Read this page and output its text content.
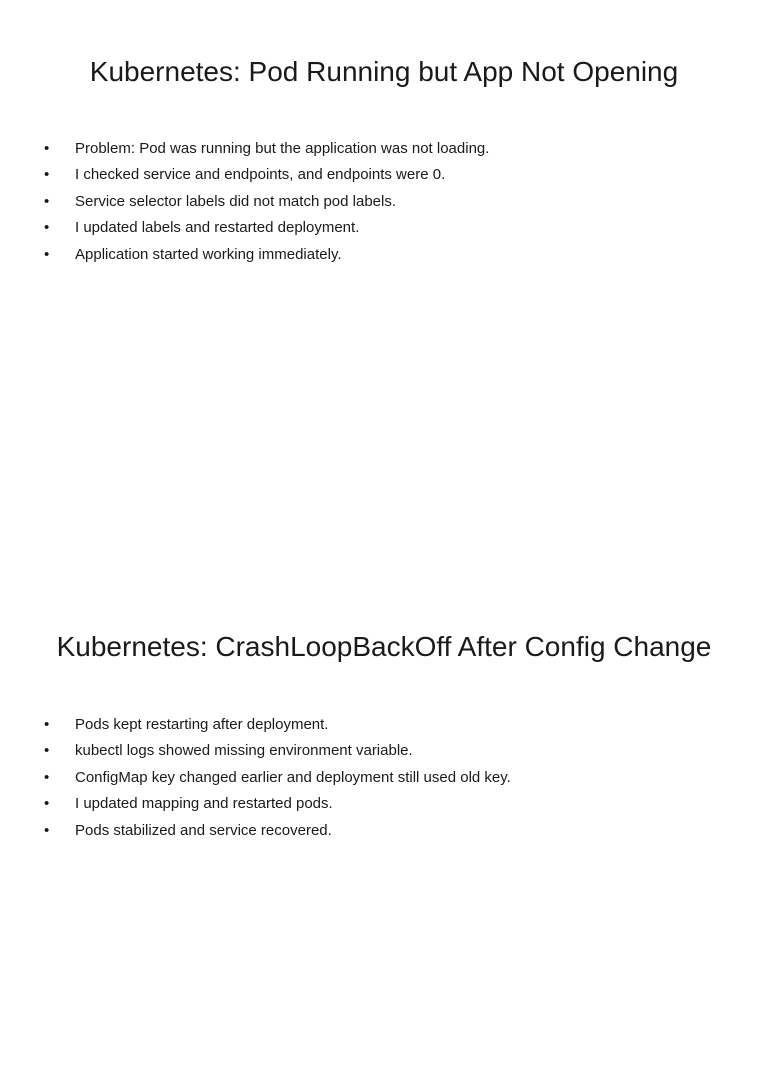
Kubernetes: Pod Running but App Not Opening
• Problem: Pod was running but the application was not loading.
• I checked service and endpoints, and endpoints were 0.
• Service selector labels did not match pod labels.
• I updated labels and restarted deployment.
• Application started working immediately.
Kubernetes: CrashLoopBackOff After Config Change
• Pods kept restarting after deployment.
• kubectl logs showed missing environment variable.
• ConfigMap key changed earlier and deployment still used old key.
• I updated mapping and restarted pods.
• Pods stabilized and service recovered.
